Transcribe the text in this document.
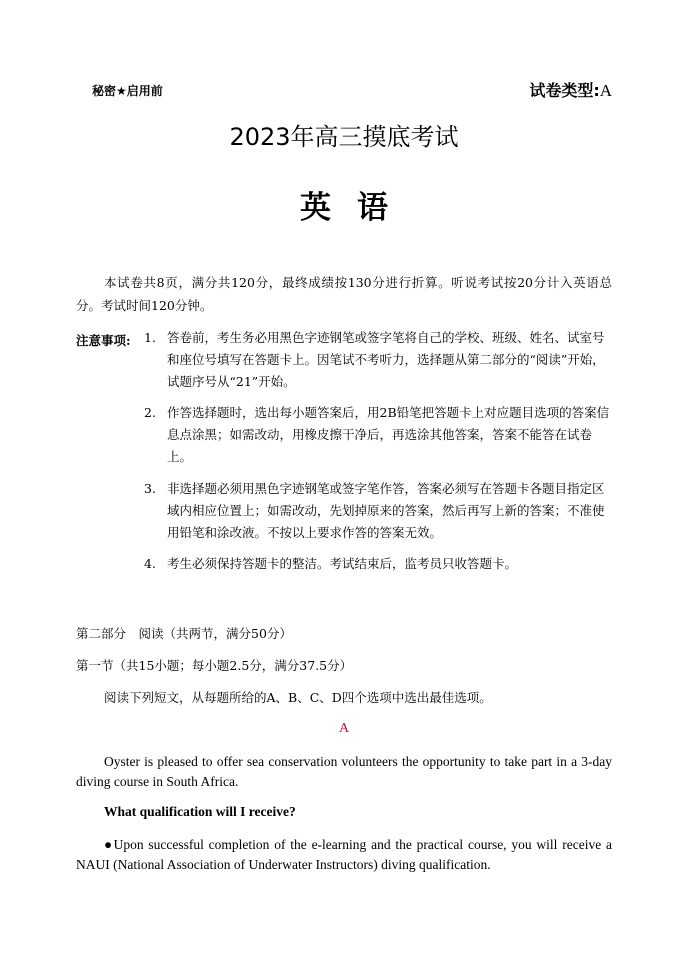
秘密★启用前	试卷类型:A
2023年高三摸底考试
英语
本试卷共8页，满分共120分，最终成绩按130分进行折算。听说考试按20分计入英语总分。考试时间120分钟。
注意事项: 1. 答卷前，考生务必用黑色字迹钢笔或签字笔将自己的学校、班级、姓名、试室号和座位号填写在答题卡上。因笔试不考听力，选择题从第二部分的“阅读”开始，试题序号从“21”开始。
2. 作答选择题时，选出每小题答案后，用2B铅笔把答题卡上对应题目选项的答案信息点涂黑；如需改动，用橡皮擦干净后，再选涂其他答案，答案不能答在试卷上。
3. 非选择题必须用黑色字迹钢笔或签字笔作答，答案必须写在答题卡各题目指定区域内相应位置上；如需改动，先划掉原来的答案，然后再写上新的答案；不准使用铅笔和涂改液。不按以上要求作答的答案无效。
4. 考生必须保持答题卡的整洁。考试结束后，监考员只收答题卡。
第二部分　阅读（共两节，满分50分）
第一节（共15小题；每小题2.5分，满分37.5分）
阅读下列短文，从每题所给的A、B、C、D四个选项中选出最佳选项。
A
Oyster is pleased to offer sea conservation volunteers the opportunity to take part in a 3-day diving course in South Africa.
What qualification will I receive?
●Upon successful completion of the e-learning and the practical course, you will receive a NAUI (National Association of Underwater Instructors) diving qualification.
